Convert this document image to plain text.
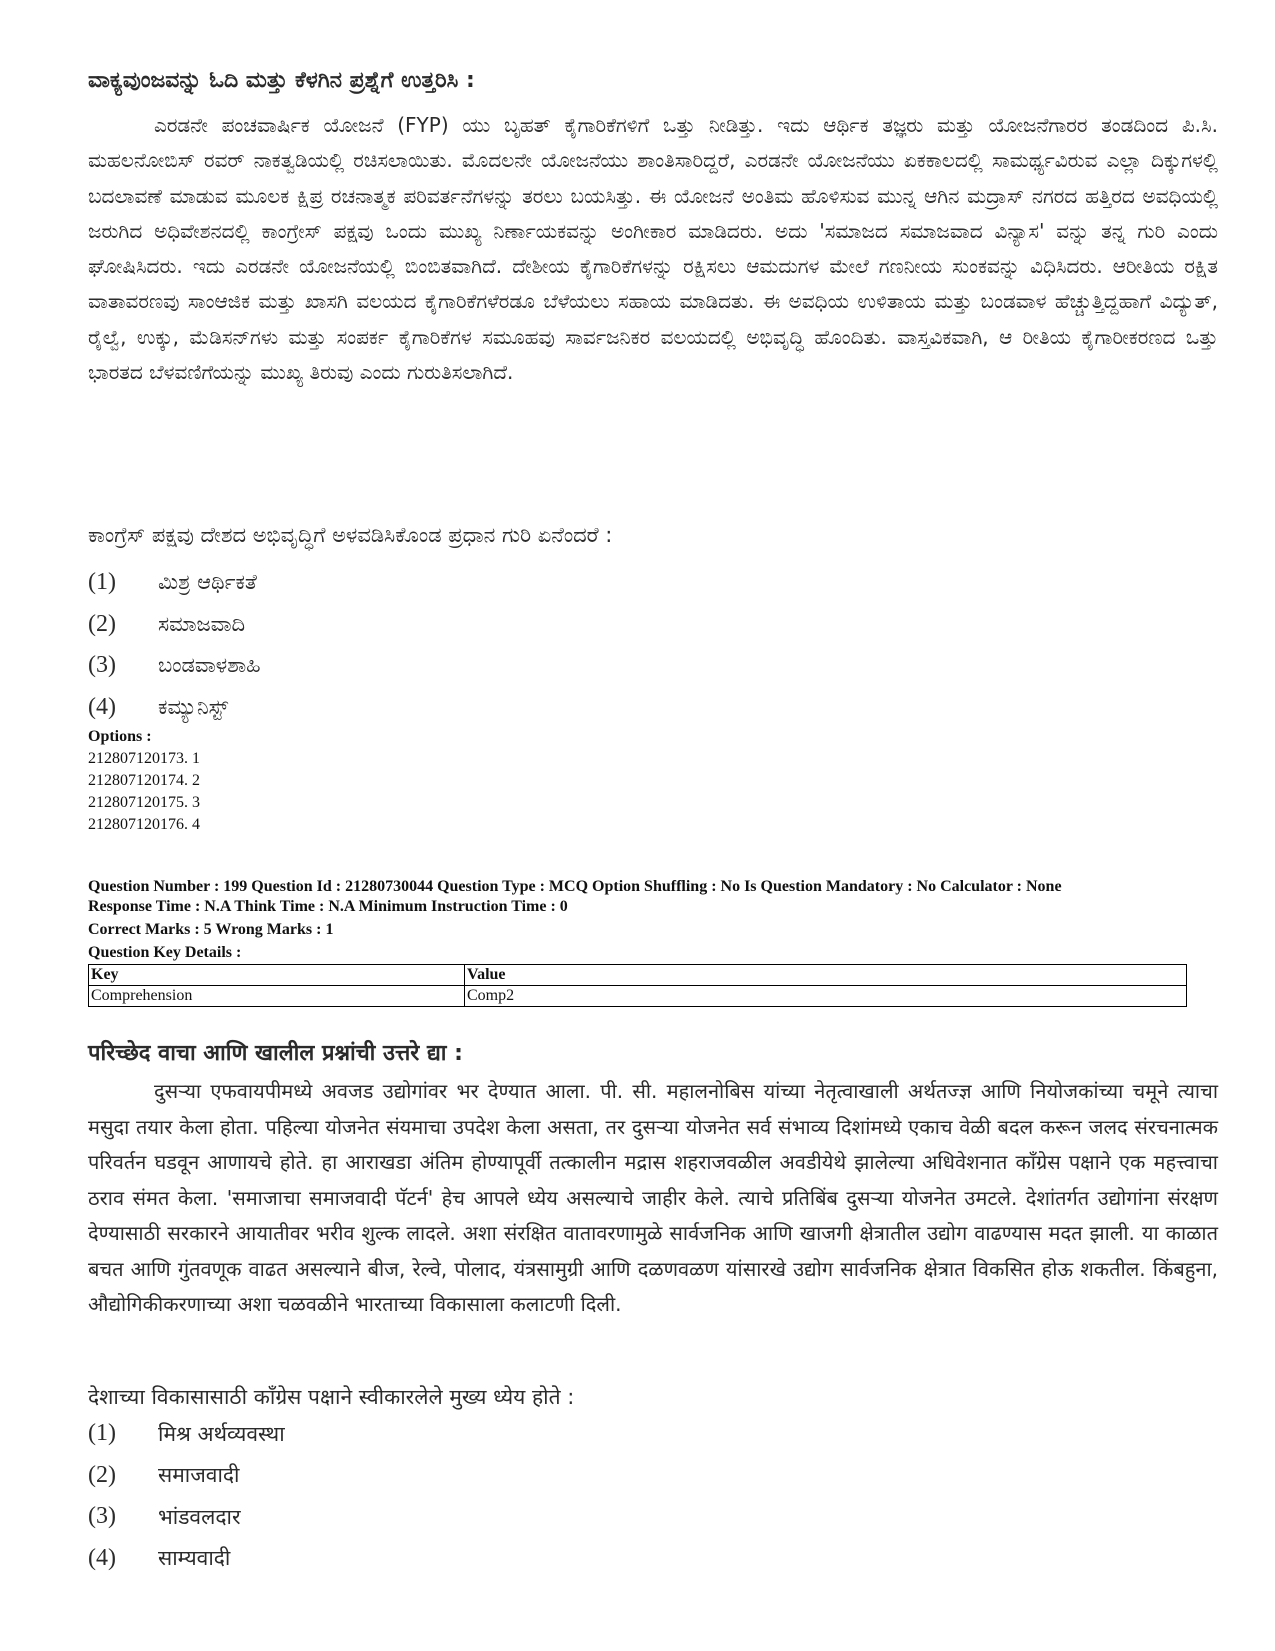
ವಾಕ್ಯವುಂಜವನ್ನು ಓದಿ ಮತ್ತು ಕೆಳಗಿನ ಪ್ರಶ್ನೆಗೆ ಉತ್ತರಿಸಿ :
ಎರಡನೇ ಪಂಚವಾರ್ಷಿಕ ಯೋಜನೆ (FYP) ಯು ಬೃಹತ್ ಕೈಗಾರಿಕೆಗಳಿಗೆ ಒತ್ತು ನೀಡಿತ್ತು. ಇದು ಆರ್ಥಿಕ ತಜ್ಞರು ಮತ್ತು ಯೋಜನೆಗಾರರ ತಂಡದಿಂದ ಪಿ.ಸಿ. ಮಹಲನೋಬಿಸ್ ರವರ್ ನಾಕತ್ವಡಿಯಲ್ಲಿ ರಚಿಸಲಾಯಿತು. ಮೊದಲನೇ ಯೋಜನೆಯು ಶಾಂತಿಸಾರಿದ್ದರೆ, ಎರಡನೇ ಯೋಜನೆಯು ಏಕಕಾಲದಲ್ಲಿ ಸಾಮರ್ಥ್ಯವಿರುವ ಎಲ್ಲಾ ದಿಕ್ಕುಗಳಲ್ಲಿ ಬದಲಾವಣೆ ಮಾಡುವ ಮೂಲಕ ಕ್ಷಿಪ್ರ ರಚನಾತ್ಮಕ ಪರಿವರ್ತನೆಗಳನ್ನು ತರಲು ಬಯಸಿತ್ತು. ಈ ಯೋಜನೆ ಅಂತಿಮ ಹೊಳಿಸುವ ಮುನ್ನ ಆಗಿನ ಮದ್ರಾಸ್ ನಗರದ ಹತ್ತಿರದ ಅವಧಿಯಲ್ಲಿ ಜರುಗಿದ ಅಧಿವೇಶನದಲ್ಲಿ ಕಾಂಗ್ರೇಸ್ ಪಕ್ಷವು ಒಂದು ಮುಖ್ಯ ನಿರ್ಣಾಯಕವನ್ನು ಅಂಗೀಕಾರ ಮಾಡಿದರು. ಅದು 'ಸಮಾಜದ ಸಮಾಜವಾದ ವಿನ್ಯಾಸ' ವನ್ನು ತನ್ನ ಗುರಿ ಎಂದು ಘೋಷಿಸಿದರು. ಇದು ಎರಡನೇ ಯೋಜನೆಯಲ್ಲಿ ಬಿಂಬಿತವಾಗಿದೆ. ದೇಶೀಯ ಕೈಗಾರಿಕೆಗಳನ್ನು ರಕ್ಷಿಸಲು ಆಮದುಗಳ ಮೇಲೆ ಗಣನೀಯ ಸುಂಕವನ್ನು ವಿಧಿಸಿದರು. ಆರೀತಿಯ ರಕ್ಷಿತ ವಾತಾವರಣವು ಸಾಂಆಜಿಕ ಮತ್ತು ಖಾಸಗಿ ವಲಯದ ಕೈಗಾರಿಕೆಗಳೆರಡೂ ಬೆಳೆಯಲು ಸಹಾಯ ಮಾಡಿದತು. ಈ ಅವಧಿಯ ಉಳಿತಾಯ ಮತ್ತು ಬಂಡವಾಳ ಹೆಚ್ಚುತ್ತಿದ್ದಹಾಗೆ ವಿದ್ಯುತ್, ರೈಲ್ವೆ, ಉಕ್ಕು, ಮೆಡಿಸನ್‌ಗಳು ಮತ್ತು ಸಂಪರ್ಕ ಕೈಗಾರಿಕೆಗಳ ಸಮೂಹವು ಸಾರ್ವಜನಿಕರ ವಲಯದಲ್ಲಿ ಅಭಿವೃದ್ಧಿ ಹೊಂದಿತು. ವಾಸ್ತವಿಕವಾಗಿ, ಆ ರೀತಿಯ ಕೈಗಾರೀಕರಣದ ಒತ್ತು ಭಾರತದ ಬೆಳವಣಿಗೆಯನ್ನು ಮುಖ್ಯ ತಿರುವು ಎಂದು ಗುರುತಿಸಲಾಗಿದೆ.
ಕಾಂಗ್ರೆಸ್ ಪಕ್ಷವು ದೇಶದ ಅಭಿವೃದ್ಧಿಗೆ ಅಳವಡಿಸಿಕೊಂಡ ಪ್ರಧಾನ ಗುರಿ ಏನೆಂದರೆ :
(1)	ಮಿಶ್ರ ಆರ್ಥಿಕತೆ
(2)	ಸಮಾಜವಾದಿ
(3)	ಬಂಡವಾಳಶಾಹಿ
(4)	ಕಮ್ಯುನಿಸ್ಟ್
Options :
212807120173. 1
212807120174. 2
212807120175. 3
212807120176. 4
Question Number : 199 Question Id : 21280730044 Question Type : MCQ Option Shuffling : No Is Question Mandatory : No Calculator : None
Response Time : N.A Think Time : N.A Minimum Instruction Time : 0
Correct Marks : 5 Wrong Marks : 1
Question Key Details :
Key	Value
Comprehension	Comp2
परिच्छेद वाचा आणि खालील प्रश्नांची उत्तरे द्या :
दुसऱ्या एफवायपीमध्ये अवजड उद्योगांवर भर देण्यात आला. पी. सी. महालनोबिस यांच्या नेतृत्वाखाली अर्थतज्ज्ञ आणि नियोजकांच्या चमूने त्याचा मसुदा तयार केला होता. पहिल्या योजनेत संयमाचा उपदेश केला असता, तर दुसऱ्या योजनेत सर्व संभाव्य दिशांमध्ये एकाच वेळी बदल करून जलद संरचनात्मक परिवर्तन घडवून आणायचे होते. हा आराखडा अंतिम होण्यापूर्वी तत्कालीन मद्रास शहराजवळील अवडीयेथे झालेल्या अधिवेशनात कॉंग्रेस पक्षाने एक महत्त्वाचा ठराव संमत केला. 'समाजाचा समाजवादी पॅटर्न' हेच आपले ध्येय असल्याचे जाहीर केले. त्याचे प्रतिबिंब दुसऱ्या योजनेत उमटले. देशांतर्गत उद्योगांना संरक्षण देण्यासाठी सरकारने आयातीवर भरीव शुल्क लादले. अशा संरक्षित वातावरणामुळे सार्वजनिक आणि खाजगी क्षेत्रातील उद्योग वाढण्यास मदत झाली. या काळात बचत आणि गुंतवणूक वाढत असल्याने बीज, रेल्वे, पोलाद, यंत्रसामुग्री आणि दळणवळण यांसारखे उद्योग सार्वजनिक क्षेत्रात विकसित होऊ शकतील. किंबहुना, औद्योगिकीकरणाच्या अशा चळवळीने भारताच्या विकासाला कलाटणी दिली.
देशाच्या विकासासाठी कॉंग्रेस पक्षाने स्वीकारलेले मुख्य ध्येय होते :
(1)	मिश्र अर्थव्यवस्था
(2)	समाजवादी
(3)	भांडवलदार
(4)	साम्यवादी
